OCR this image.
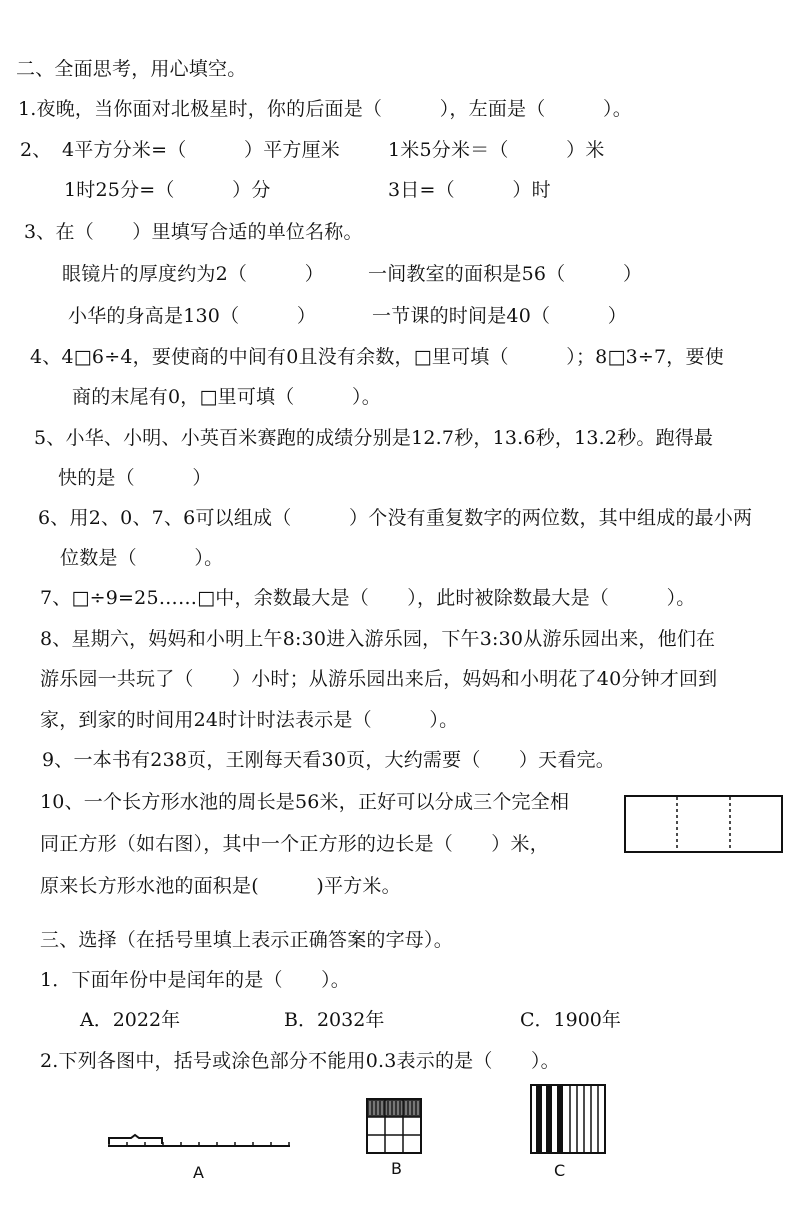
二、全面思考，用心填空。
1.夜晚，当你面对北极星时，你的后面是（　　　），左面是（　　　）。
2、 4平方分米=（　　　）平方厘米	1米5分米＝（　　　）米
1时25分=（　　　）分	3日=（　　　）时
3、在（　　）里填写合适的单位名称。
眼镜片的厚度约为2（　　　） 一间教室的面积是56（　　　）
小华的身高是130（　　　）	一节课的时间是40（　　　）
4、4□6÷4，要使商的中间有0且没有余数，□里可填（　　　）；8□3÷7，要使
商的末尾有0，□里可填（　　　）。
5、小华、小明、小英百米赛跑的成绩分别是12.7秒，13.6秒，13.2秒。跑得最
快的是（　　　）
6、用2、0、7、6可以组成（　　　）个没有重复数字的两位数，其中组成的最小两
位数是（　　　）。
7、□÷9=25……□中，余数最大是（　　），此时被除数最大是（　　　）。
8、星期六，妈妈和小明上午8:30进入游乐园，下午3:30从游乐园出来，他们在
游乐园一共玩了（　　）小时；从游乐园出来后，妈妈和小明花了40分钟才回到
家，到家的时间用24时计时法表示是（　　　）。
9、一本书有238页，王刚每天看30页，大约需要（　　）天看完。
10、一个长方形水池的周长是56米，正好可以分成三个完全相
同正方形（如右图），其中一个正方形的边长是（　　）米，
原来长方形水池的面积是(　　　)平方米。
三、选择（在括号里填上表示正确答案的字母）。
1．下面年份中是闰年的是（　　）。
A．2022年	B．2032年	C．1900年
2.下列各图中，括号或涂色部分不能用0.3表示的是（　　）。
A	B	C
